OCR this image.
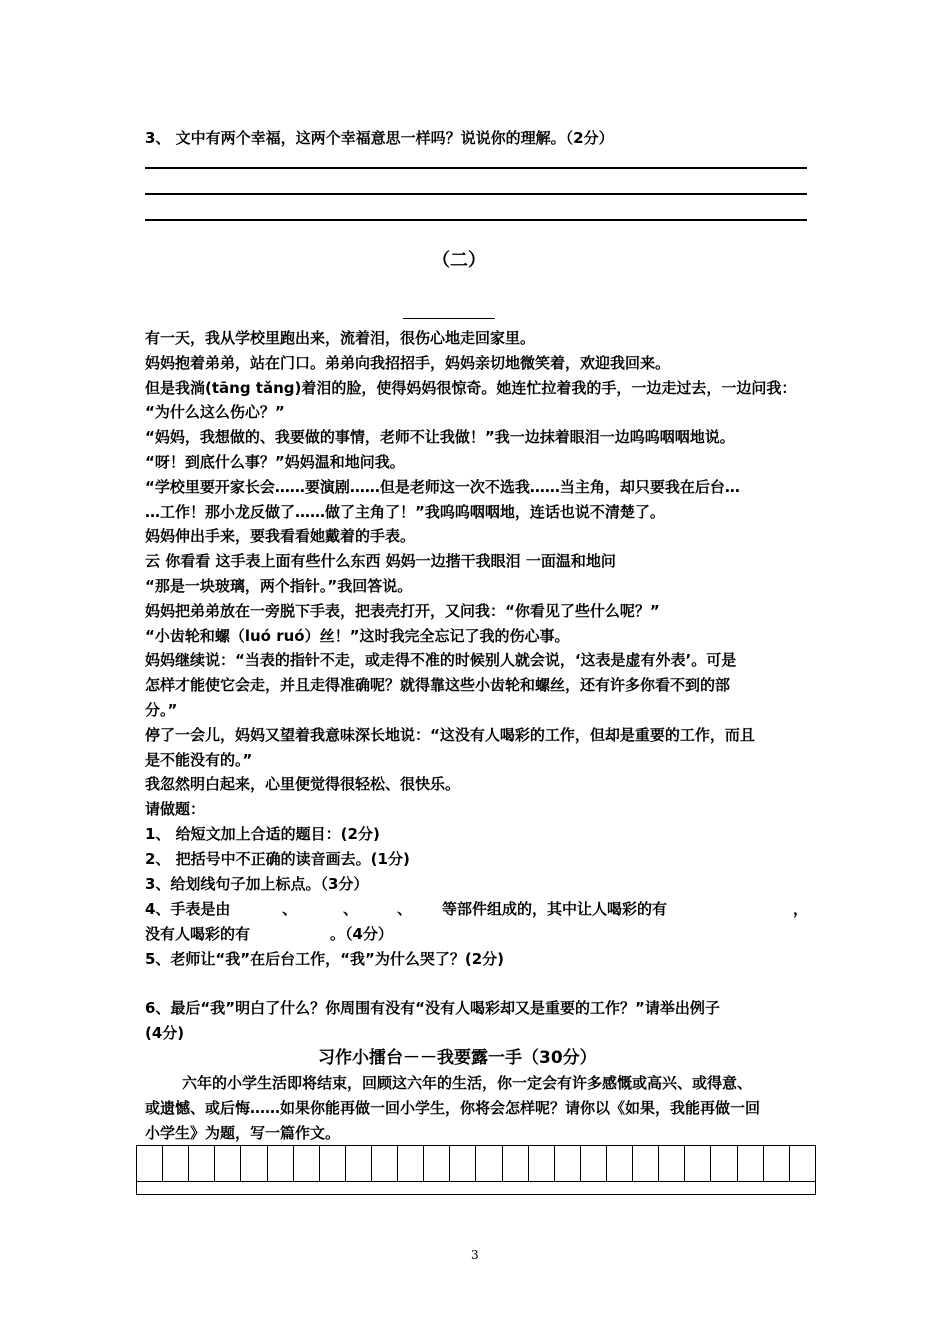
3、 文中有两个幸福，这两个幸福意思一样吗？说说你的理解。（2分）
（二）
有一天，我从学校里跑出来，流着泪，很伤心地走回家里。
妈妈抱着弟弟，站在门口。弟弟向我招招手，妈妈亲切地微笑着，欢迎我回来。
但是我淌(tāng tǎng)着泪的脸，使得妈妈很惊奇。她连忙拉着我的手，一边走过去，一边问我：
“为什么这么伤心？”
“妈妈，我想做的、我要做的事情，老师不让我做！”我一边抹着眼泪一边呜呜咽咽地说。
“呀！到底什么事？”妈妈温和地问我。
“学校里要开家长会……要演剧……但是老师这一次不选我……当主角，却只要我在后台…
…工作！那小龙反做了……做了主角了！”我呜呜咽咽地，连话也说不清楚了。
妈妈伸出手来，要我看看她戴着的手表。
云 你看看 这手表上面有些什么东西 妈妈一边揩干我眼泪 一面温和地问
“那是一块玻璃，两个指针。”我回答说。
妈妈把弟弟放在一旁脱下手表，把表壳打开，又问我：“你看见了些什么呢？”
“小齿轮和螺（luó ruó）丝！”这时我完全忘记了我的伤心事。
妈妈继续说：“当表的指针不走，或走得不准的时候别人就会说，‘这表是虚有外表’。可是
怎样才能使它会走，并且走得准确呢？就得靠这些小齿轮和螺丝，还有许多你看不到的部
分。”
停了一会儿，妈妈又望着我意味深长地说：“这没有人喝彩的工作，但却是重要的工作，而且
是不能没有的。”
我忽然明白起来，心里便觉得很轻松、很快乐。
请做题：
1、 给短文加上合适的题目：(2分)
2、 把括号中不正确的读音画去。(1分)
3、给划线句子加上标点。（3分）
4、手表是由	、	、	、 等部件组成的，其中让人喝彩的有	，
没有人喝彩的有	。（4分）
5、老师让“我”在后台工作，“我”为什么哭了？(2分)
6、最后“我”明白了什么？你周围有没有“没有人喝彩却又是重要的工作？”请举出例子
(4分)
习作小擂台－－我要露一手（30分）
六年的小学生活即将结束，回顾这六年的生活，你一定会有许多感慨或高兴、或得意、
或遗憾、或后悔……如果你能再做一回小学生，你将会怎样呢？请你以《如果，我能再做一回
小学生》为题，写一篇作文。
3
